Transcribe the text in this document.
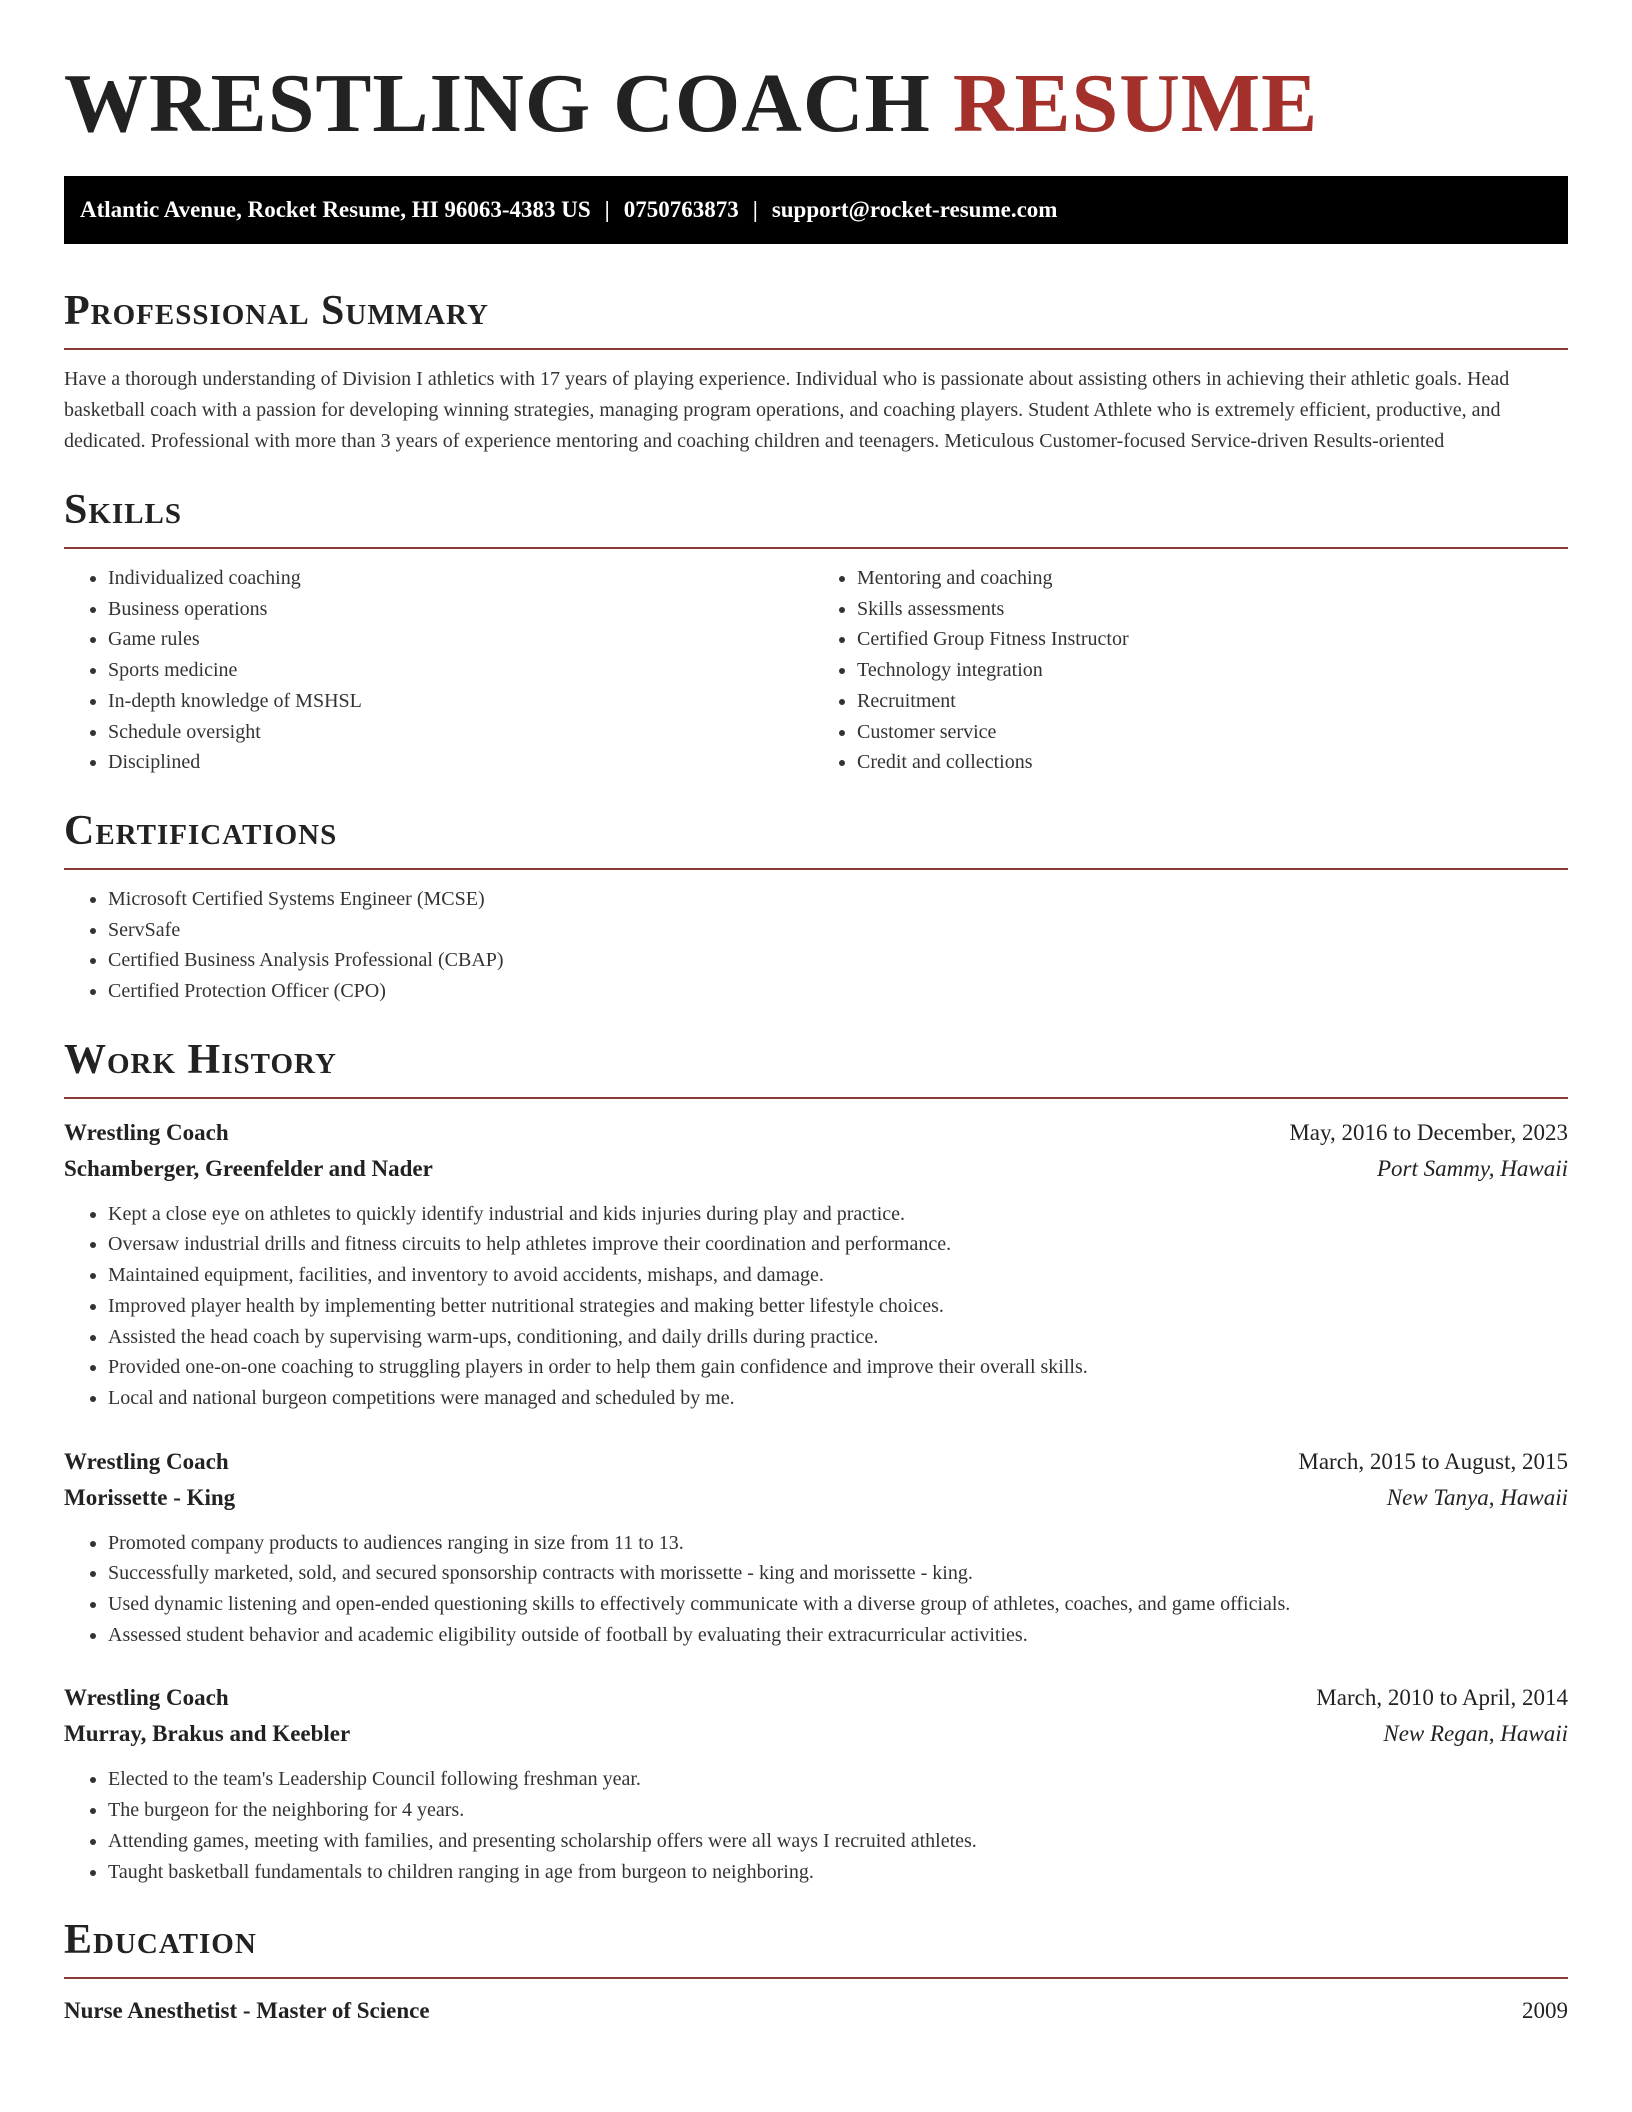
WRESTLING COACH RESUME
Atlantic Avenue, Rocket Resume, HI 96063-4383 US | 0750763873 | support@rocket-resume.com
Professional Summary

Have a thorough understanding of Division I athletics with 17 years of playing experience. Individual who is passionate about assisting others in achieving their athletic goals. Head basketball coach with a passion for developing winning strategies, managing program operations, and coaching players. Student Athlete who is extremely efficient, productive, and dedicated. Professional with more than 3 years of experience mentoring and coaching children and teenagers. Meticulous Customer-focused Service-driven Results-oriented

Skills
• Individualized coaching
• Business operations
• Game rules
• Sports medicine
• In-depth knowledge of MSHSL
• Schedule oversight
• Disciplined
• Mentoring and coaching
• Skills assessments
• Certified Group Fitness Instructor
• Technology integration
• Recruitment
• Customer service
• Credit and collections
Certifications
• Microsoft Certified Systems Engineer (MCSE)
• ServSafe
• Certified Business Analysis Professional (CBAP)
• Certified Protection Officer (CPO)
Work History
Wrestling Coach	May, 2016 to December, 2023
Schamberger, Greenfelder and Nader	Port Sammy, Hawaii
• Kept a close eye on athletes to quickly identify industrial and kids injuries during play and practice.
• Oversaw industrial drills and fitness circuits to help athletes improve their coordination and performance.
• Maintained equipment, facilities, and inventory to avoid accidents, mishaps, and damage.
• Improved player health by implementing better nutritional strategies and making better lifestyle choices.
• Assisted the head coach by supervising warm-ups, conditioning, and daily drills during practice.
• Provided one-on-one coaching to struggling players in order to help them gain confidence and improve their overall skills.
• Local and national burgeon competitions were managed and scheduled by me.
Wrestling Coach	March, 2015 to August, 2015
Morissette - King	New Tanya, Hawaii
• Promoted company products to audiences ranging in size from 11 to 13.
• Successfully marketed, sold, and secured sponsorship contracts with morissette - king and morissette - king.
• Used dynamic listening and open-ended questioning skills to effectively communicate with a diverse group of athletes, coaches, and game officials.
• Assessed student behavior and academic eligibility outside of football by evaluating their extracurricular activities.
Wrestling Coach	March, 2010 to April, 2014
Murray, Brakus and Keebler	New Regan, Hawaii
• Elected to the team's Leadership Council following freshman year.
• The burgeon for the neighboring for 4 years.
• Attending games, meeting with families, and presenting scholarship offers were all ways I recruited athletes.
• Taught basketball fundamentals to children ranging in age from burgeon to neighboring.
Education
Nurse Anesthetist - Master of Science	2009
